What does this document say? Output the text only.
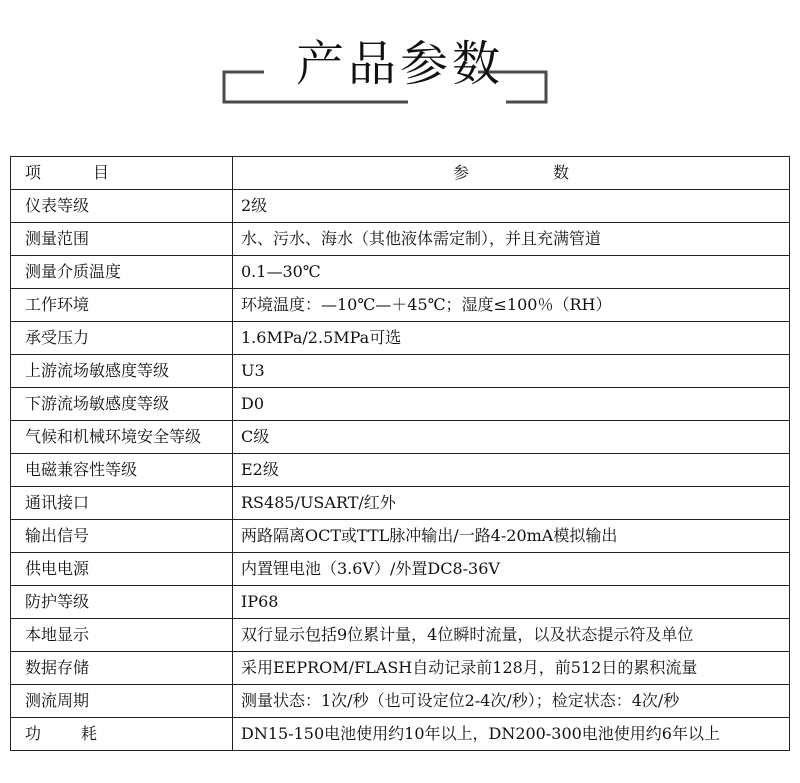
产品参数
项 目	参 数

仪表等级	2级
测量范围	水、污水、海水（其他液体需定制），并且充满管道
测量介质温度	0.1—30℃
工作环境	环境温度：—10℃—＋45℃；湿度≤100％（RH）
承受压力	1.6MPa/2.5MPa可选
上游流场敏感度等级	U3
下游流场敏感度等级	D0
气候和机械环境安全等级	C级
电磁兼容性等级	E2级
通讯接口	RS485/USART/红外
输出信号	两路隔离OCT或TTL脉冲输出/一路4-20mA模拟输出
供电电源	内置锂电池（3.6V）/外置DC8-36V
防护等级	IP68
本地显示	双行显示包括9位累计量，4位瞬时流量，以及状态提示符及单位
数据存储	采用EEPROM/FLASH自动记录前128月，前512日的累积流量
测流周期	测量状态：1次/秒（也可设定位2-4次/秒）；检定状态：4次/秒
功 耗	DN15-150电池使用约10年以上，DN200-300电池使用约6年以上
